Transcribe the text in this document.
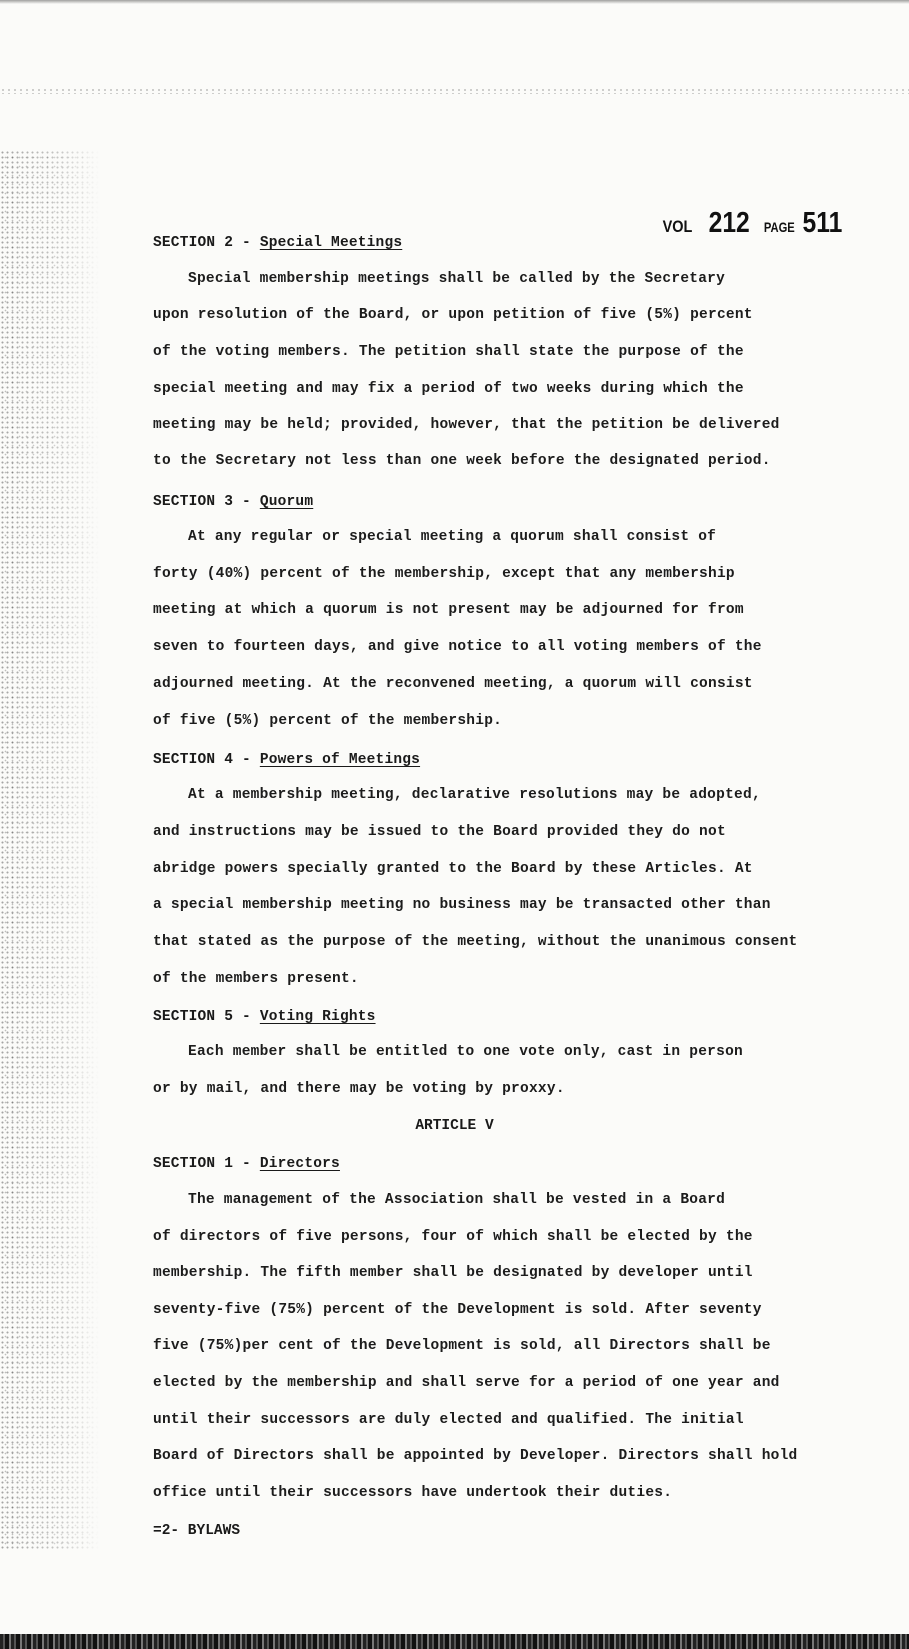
VOL 212 PAGE 511
SECTION 2 - Special Meetings
Special membership meetings shall be called by the Secretary
upon resolution of the Board, or upon petition of five (5%) percent
of the voting members. The petition shall state the purpose of the
special meeting and may fix a period of two weeks during which the
meeting may be held; provided, however, that the petition be delivered
to the Secretary not less than one week before the designated period.
SECTION 3 - Quorum
At any regular or special meeting a quorum shall consist of
forty (40%) percent of the membership, except that any membership
meeting at which a quorum is not present may be adjourned for from
seven to fourteen days, and give notice to all voting members of the
adjourned meeting. At the reconvened meeting, a quorum will consist
of five (5%) percent of the membership.
SECTION 4 - Powers of Meetings
At a membership meeting, declarative resolutions may be adopted,
and instructions may be issued to the Board provided they do not
abridge powers specially granted to the Board by these Articles. At
a special membership meeting no business may be transacted other than
that stated as the purpose of the meeting, without the unanimous consent
of the members present.
SECTION 5 - Voting Rights
Each member shall be entitled to one vote only, cast in person
or by mail, and there may be voting by proxxy.
ARTICLE V
SECTION 1 - Directors
The management of the Association shall be vested in a Board
of directors of five persons, four of which shall be elected by the
membership. The fifth member shall be designated by developer until
seventy-five (75%) percent of the Development is sold. After seventy
five (75%)per cent of the Development is sold, all Directors shall be
elected by the membership and shall serve for a period of one year and
until their successors are duly elected and qualified. The initial
Board of Directors shall be appointed by Developer. Directors shall hold
office until their successors have undertook their duties.
=2- BYLAWS
